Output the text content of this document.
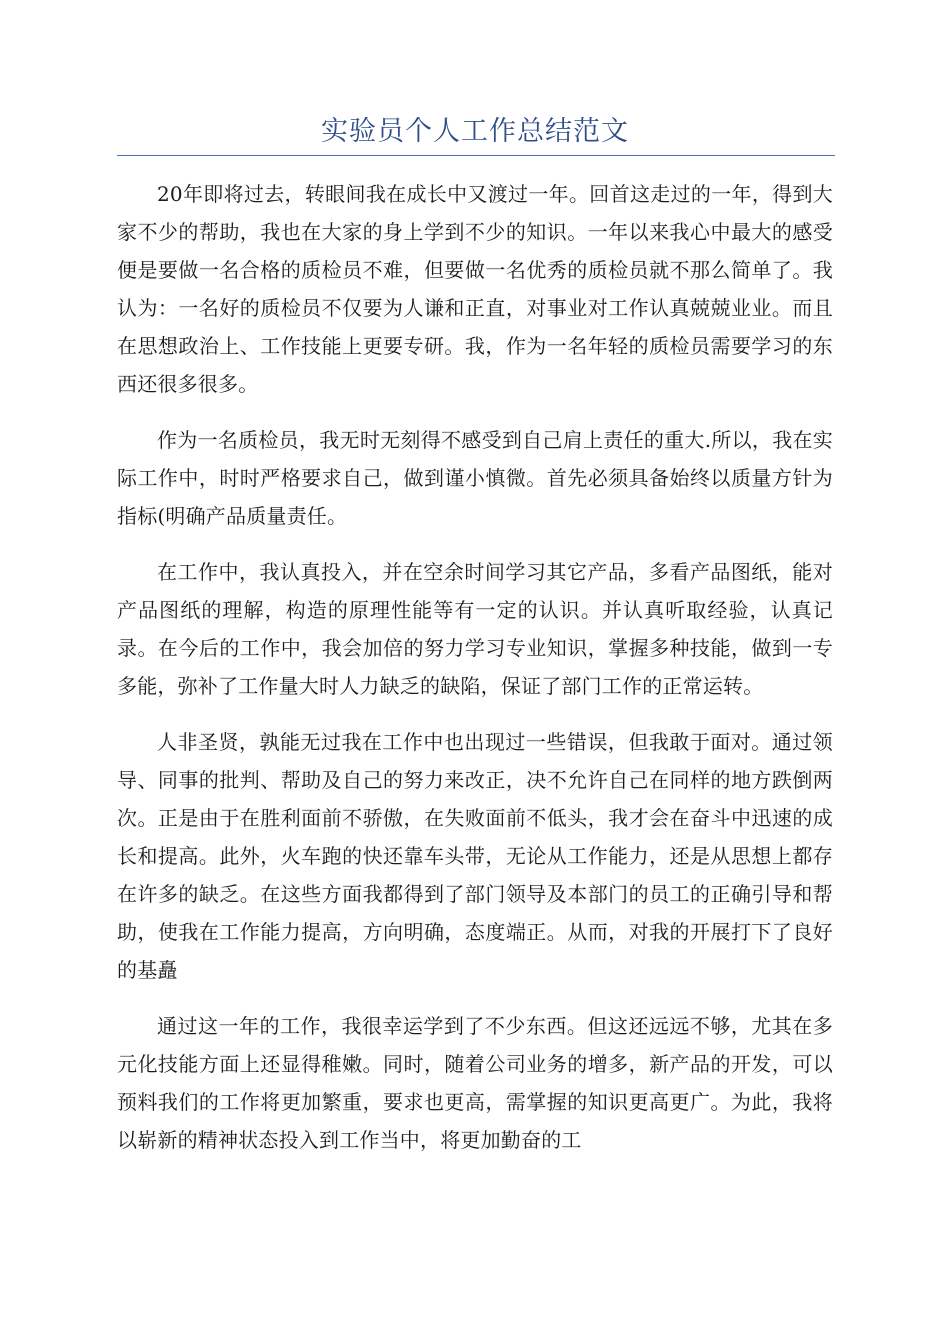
实验员个人工作总结范文

20年即将过去，转眼间我在成长中又渡过一年。回首这走过的一年，得到大家不少的帮助，我也在大家的身上学到不少的知识。一年以来我心中最大的感受便是要做一名合格的质检员不难，但要做一名优秀的质检员就不那么简单了。我认为：一名好的质检员不仅要为人谦和正直，对事业对工作认真兢兢业业。而且在思想政治上、工作技能上更要专研。我，作为一名年轻的质检员需要学习的东西还很多很多。

作为一名质检员，我无时无刻得不感受到自己肩上责任的重大.所以，我在实际工作中，时时严格要求自己，做到谨小慎微。首先必须具备始终以质量方针为指标(明确产品质量责任。

在工作中，我认真投入，并在空余时间学习其它产品，多看产品图纸，能对产品图纸的理解，构造的原理性能等有一定的认识。并认真听取经验，认真记录。在今后的工作中，我会加倍的努力学习专业知识，掌握多种技能，做到一专多能，弥补了工作量大时人力缺乏的缺陷，保证了部门工作的正常运转。

人非圣贤，孰能无过我在工作中也出现过一些错误，但我敢于面对。通过领导、同事的批判、帮助及自己的努力来改正，决不允许自己在同样的地方跌倒两次。正是由于在胜利面前不骄傲，在失败面前不低头，我才会在奋斗中迅速的成长和提高。此外，火车跑的快还靠车头带，无论从工作能力，还是从思想上都存在许多的缺乏。在这些方面我都得到了部门领导及本部门的员工的正确引导和帮助，使我在工作能力提高，方向明确，态度端正。从而，对我的开展打下了良好的基矗

通过这一年的工作，我很幸运学到了不少东西。但这还远远不够，尤其在多元化技能方面上还显得稚嫩。同时，随着公司业务的增多，新产品的开发，可以预料我们的工作将更加繁重，要求也更高，需掌握的知识更高更广。为此，我将以崭新的精神状态投入到工作当中，将更加勤奋的工
